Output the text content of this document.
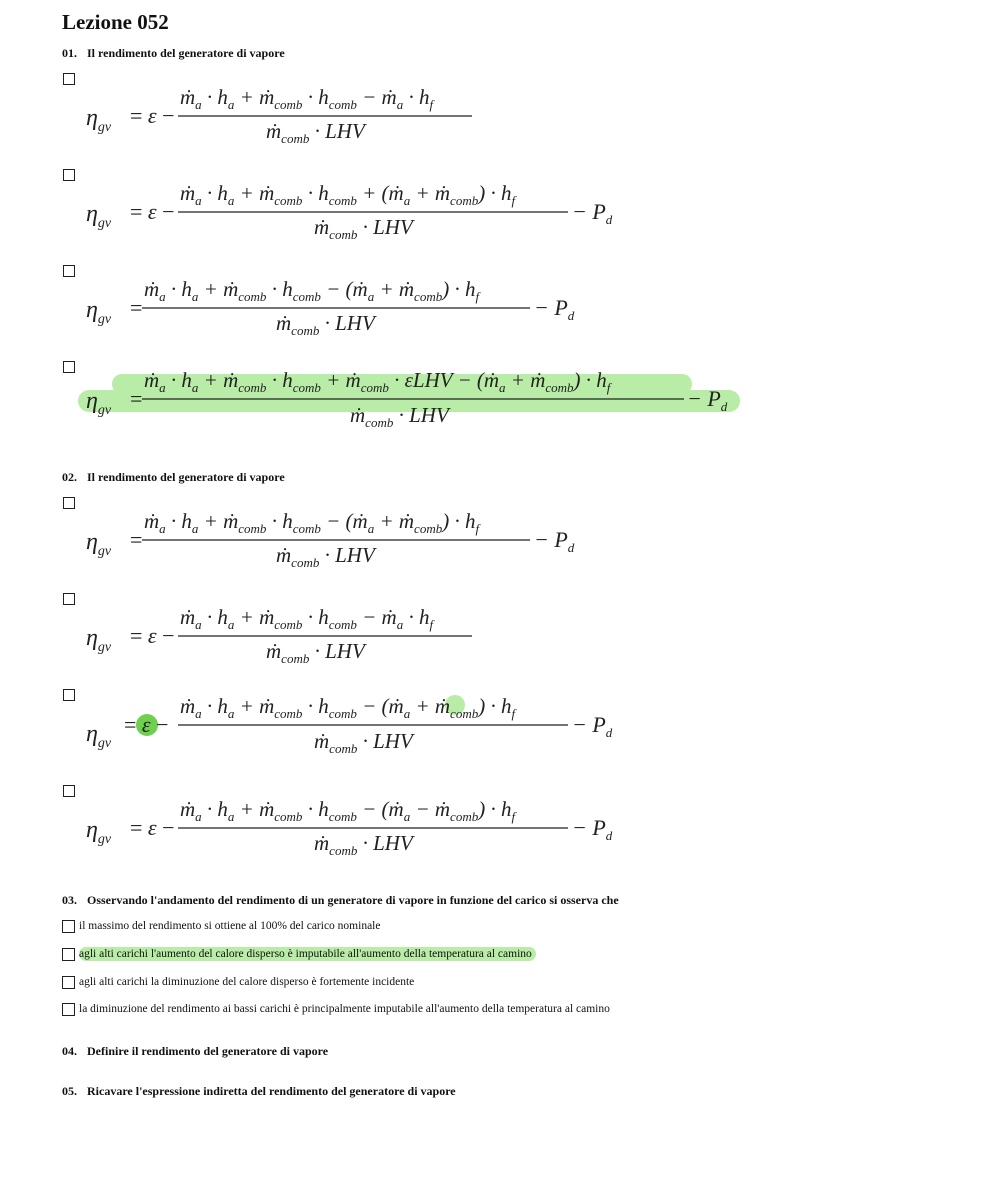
Lezione 052
01. Il rendimento del generatore di vapore
$\eta_{gv} = \varepsilon$ −
ṁ$_a$ · $h_a$ + ṁ$_{comb}$ · $h_{comb}$ − ṁ$_a$ · $h_f$
ṁ$_{comb}$ · LHV
$\eta_{gv} = \varepsilon$ −
ṁ$_a$ · $h_a$ + ṁ$_{comb}$ · $h_{comb}$ + (ṁ$_a$ + ṁ$_{comb}$) · $h_f$
ṁ$_{comb}$ · LHV
− $P_d$
$\eta_{gv}$ =
ṁ$_a$ · $h_a$ + ṁ$_{comb}$ · $h_{comb}$ − (ṁ$_a$ + ṁ$_{comb}$) · $h_f$
ṁ$_{comb}$ · LHV
− $P_d$
$\eta_{gv}$ =
ṁ$_a$ · $h_a$ + ṁ$_{comb}$ · $h_{comb}$ + ṁ$_{comb}$ · εLHV − (ṁ$_a$ + ṁ$_{comb}$) · $h_f$
ṁ$_{comb}$ · LHV
− $P_d$
02. Il rendimento del generatore di vapore
$\eta_{gv}$ =
ṁ$_a$ · $h_a$ + ṁ$_{comb}$ · $h_{comb}$ − (ṁ$_a$ + ṁ$_{comb}$) · $h_f$
ṁ$_{comb}$ · LHV
− $P_d$
$\eta_{gv} = \varepsilon$ −
ṁ$_a$ · $h_a$ + ṁ$_{comb}$ · $h_{comb}$ − ṁ$_a$ · $h_f$
ṁ$_{comb}$ · LHV
$\eta_{gv}$
= ε −
ṁ$_a$ · $h_a$ + ṁ$_{comb}$ · $h_{comb}$ − (ṁ$_a$ + ṁ$_{comb}$) · $h_f$
ṁ$_{comb}$ · LHV
− $P_d$
$\eta_{gv} = \varepsilon$ −
ṁ$_a$ · $h_a$ + ṁ$_{comb}$ · $h_{comb}$ − (ṁ$_a$ − ṁ$_{comb}$) · $h_f$
ṁ$_{comb}$ · LHV
− $P_d$
03. Osservando l'andamento del rendimento di un generatore di vapore in funzione del carico si osserva che
il massimo del rendimento si ottiene al 100% del carico nominale
agli alti carichi l'aumento del calore disperso è imputabile all'aumento della temperatura al camino
agli alti carichi la diminuzione del calore disperso è fortemente incidente
la diminuzione del rendimento ai bassi carichi è principalmente imputabile all'aumento della temperatura al camino
04. Definire il rendimento del generatore di vapore
05. Ricavare l'espressione indiretta del rendimento del generatore di vapore
